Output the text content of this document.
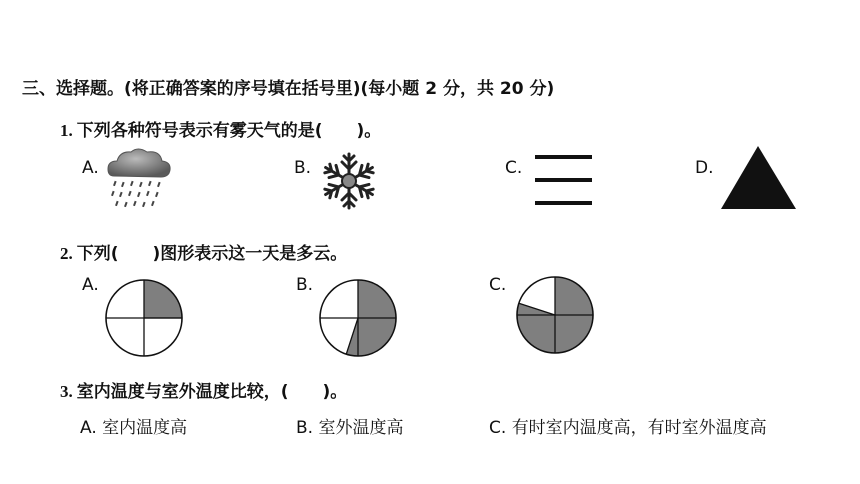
三、选择题。(将正确答案的序号填在括号里)(每小题 2 分，共 20 分)
1. 下列各种符号表示有雾天气的是(　　)。
A.	B.	C.	D.
2. 下列(　　)图形表示这一天是多云。
A.	B.	C.
3. 室内温度与室外温度比较，(　　)。
A. 室内温度高	B. 室外温度高	C. 有时室内温度高，有时室外温度高
